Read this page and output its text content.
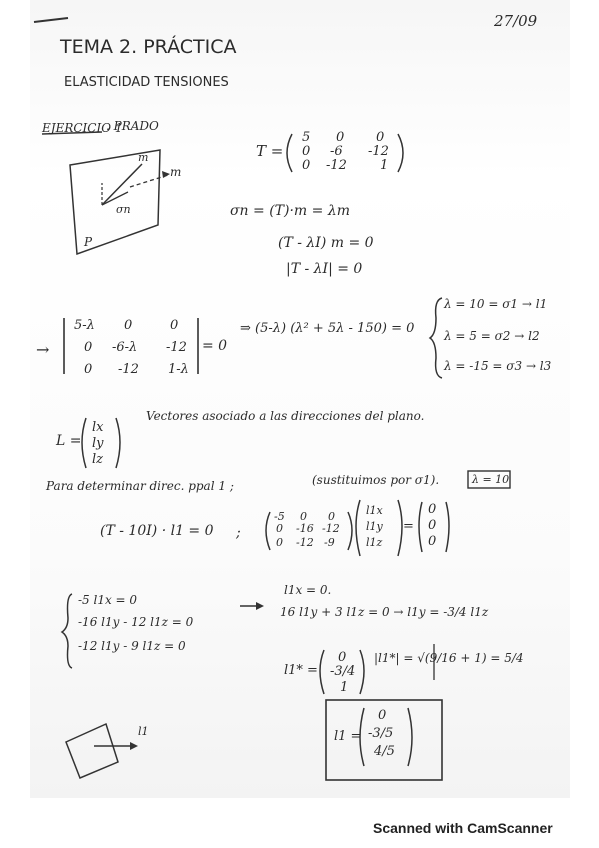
27/09
TEMA 2. PRÁCTICA
ELASTICIDAD TENSIONES
EJERCICIO 1
. PRADO
P
m
m
σn
T =
5 0 0
0 -6 -12
0 -12	1
σn = (T)·m = λm
(T - λI) m = 0
|T - λI| = 0
→
5-λ 0	0
0 -6-λ -12
0 -12 1-λ
= 0
⇒ (5-λ) (λ² + 5λ - 150) = 0
λ = 10 = σ1 → l1
λ = 5 = σ2 → l2
λ = -15 = σ3 → l3
L =
lx
ly
lz
Vectores asociado a las direcciones del plano.
Para determinar direc. ppal 1 ;	(sustituimos por σ1).	λ = 10
(T - 10I) · l1 = 0 ;
-5 0 0
0 -16 -12
0 -12 -9
l1x
l1y
l1z
=
0
0
0
-5 l1x = 0
-16 l1y - 12 l1z = 0
-12 l1y - 9 l1z = 0
l1x = 0.
16 l1y + 3 l1z = 0 → l1y = -3/4 l1z
l1* =
0
-3/4
1
|l1*| = √(9/16 + 1) = 5/4
l1 =
0
-3/5
4/5
l1
Scanned with CamScanner
